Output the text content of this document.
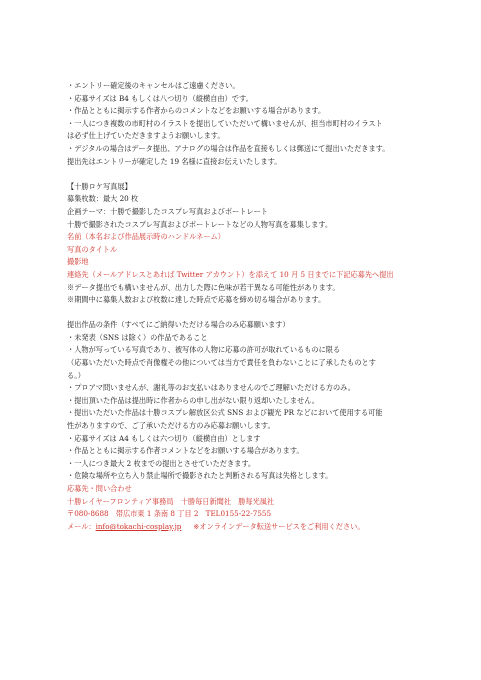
・エントリー確定後のキャンセルはご遠慮ください。
・応募サイズは B4 もしくは八つ切り（縦横自由）です。
・作品とともに掲示する作者からのコメントなどをお願いする場合があります。
・一人につき複数の市町村のイラストを提出していただいて構いませんが、担当市町村のイラスト
は必ず仕上げていただきますようお願いします。
・デジタルの場合はデータ提出、アナログの場合は作品を直接もしくは郵送にて提出いただきます。
提出先はエントリーが確定した 19 名様に直接お伝えいたします。
【十勝ロケ写真展】
募集枚数：最大 20 枚
企画テーマ：十勝で撮影したコスプレ写真およびポートレート
十勝で撮影されたコスプレ写真およびポートレートなどの人物写真を募集します。
名前（本名および作品展示時のハンドルネーム）
写真のタイトル
撮影地
連絡先（メールアドレスとあれば Twitter アカウント）を添えて 10 月 5 日までに下記応募先へ提出
※データ提出でも構いませんが、出力した際に色味が若干異なる可能性があります。
※期間中に募集人数および枚数に達した時点で応募を締め切る場合があります。
提出作品の条件（すべてにご納得いただける場合のみ応募願います）
・未発表（SNS は除く）の作品であること
・人物が写っている写真であり、被写体の人物に応募の許可が取れているものに限る
（応募いただいた時点で肖像権その他については当方で責任を負わないことに了承したものとす
る。）
・プロアマ問いませんが、謝礼等のお支払いはありませんのでご理解いただける方のみ。
・提出頂いた作品は提出時に作者からの申し出がない限り返却いたしません。
・提出いただいた作品は十勝コスプレ解放区公式 SNS および観光 PR などにおいて使用する可能
性がありますので、ご了承いただける方のみ応募お願いします。
・応募サイズは A4 もしくは六つ切り（縦横自由）とします
・作品とともに掲示する作者コメントなどをお願いする場合があります。
・一人につき最大 2 枚までの提出とさせていただきます。
・危険な場所や立ち入り禁止場所で撮影されたと判断される写真は失格とします。
応募先・問い合わせ
十勝レイヤーフロンティア事務局　十勝毎日新聞社　勝每光風社
〒080-8688　帯広市東 1 条南 8 丁目 2　TEL0155-22-7555
メール：info@tokachi-cosplay.jp ※オンラインデータ転送サービスをご利用ください。
